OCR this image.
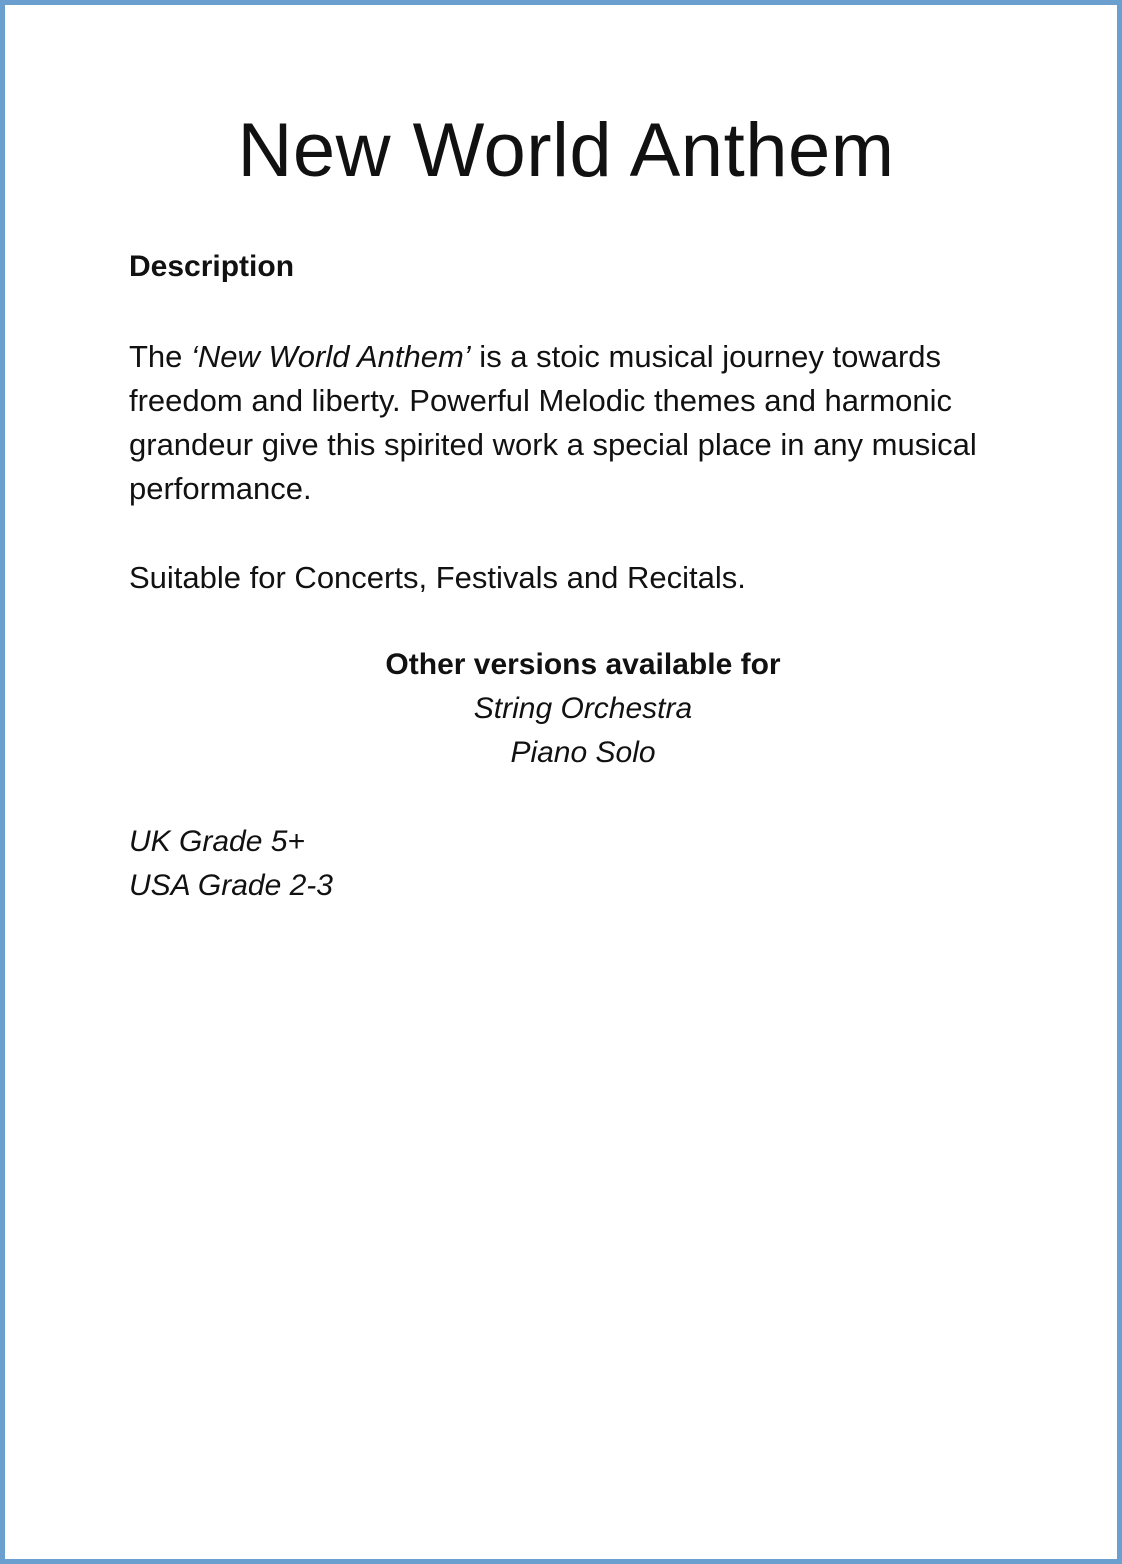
New World Anthem
Description

The ‘New World Anthem’ is a stoic musical journey towards freedom and liberty. Powerful Melodic themes and harmonic grandeur give this spirited work a special place in any musical performance.

Suitable for Concerts, Festivals and Recitals.

Other versions available for

String Orchestra

Piano Solo

UK Grade 5+

USA Grade 2-3
